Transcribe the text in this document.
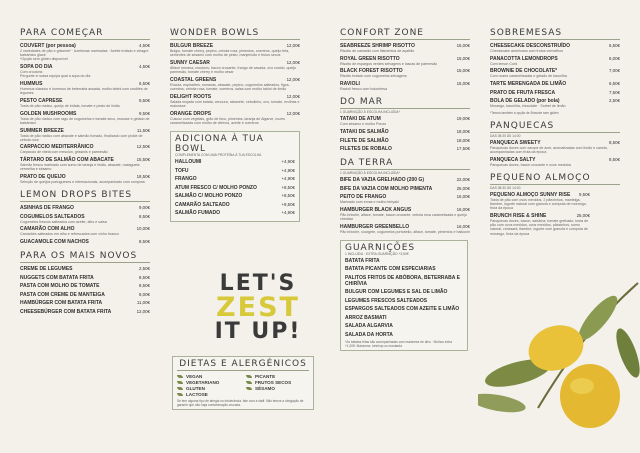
PARA COMEÇAR
COUVERT (por pessoa)	4,50€
2 variedades de pão e grissinis* · Azeitonas marinadas · Azeite trufado e vinagre balsâmico glacé
*Opção sem glúten disponível
SOPA DO DIA	4,50€
Com croutons
Pergunte à nossa equipa qual a sopa do dia
HUMMUS	6,50€
Hummus clássico e hummus de beterraba assada, molho tahini com crudités de legumes
PESTO CAPRESE	9,50€
Tosta de pão rústico, queijo de búfala, tomate e pesto de limão
GOLDEN MUSHROOMS	9,50€
Tosta de pão rústico com ragu de cogumelos e tomate seco, mousse e gelado de balsâmico
SUMMER BREEZE	11,50€
Tosta de pão rústico com abacate e salmão fumado, finalizado com pickle de cebola roxa
CARPACCIO MEDITERRÂNICO	12,50€
Carpaccio de vitela com mesclun, grissinis e parmesão
TÁRTARO DE SALMÃO COM ABACATE	15,50€
Salmão fresco marinado com sumo de laranja e limão, abacate, malagueta vermelha e sésamo
PRATO DE QUEIJO	18,50€
Seleção de queijos portugueses e internacionais, acompanhado com compota
LEMON DROPS BITES
ASINHAS DE FRANGO	9,00€
COGUMELOS SALTEADOS	8,50€
Cogumelos frescos salteados com azeite, alho e salsa
CAMARÃO COM ALHO	10,00€
Camarões salteados em alho e refrescados com vinho branco
GUACAMOLE COM NACHOS	8,50€
PARA OS MAIS NOVOS
CREME DE LEGUMES	2,50€
NUGGETS COM BATATA FRITA	8,50€
PASTA COM MOLHO DE TOMATE	8,50€
PASTA COM CREME DE MANTEIGA	8,00€
HAMBÚRGER COM BATATA FRITA	11,00€
CHEESEBÚRGER COM BATATA FRITA	12,00€
WONDER BOWLS
BULGUR BREEZE	12,00€
Bulgur, tomate cherry, pepino, cebola roxa, pimentos, coentros, queijo feta, sementes de sésamo com molho de pesto, manjericão e frutos secos
SUNNY CAESAR	12,00€
Alface romana, croutons, bacon crocante, frango de cavada, ovo cozido, queijo parmesão, tomate cherry e molho césar
COASTAL GREENS	12,00€
Rúcula, espinafres, romanas, abacate, pepino, cogumelos salteados, figos, coentros, cebola roxa, tomate, coentros, salsa com molho tahini de limão
DELIGHT ROOTS	12,00€
Salada mojada com batata, cenoura, rabanete, cebolinho, ovo, tomate, ervilhas e maionese
ORANGE DROPS	12,00€
Cuscuz com vegetais, grão de bico, pimentos, laranja de Algarve, nozes caramelizadas com molho de citrinos, azeite e coentros
ADICIONA À TUA BOWL
COMPLEMENTA COM UMA PROTEÍNA À TUA ESCOLHA
HALLOUMI	+4,90€
TOFU	+4,90€
FRANGO	+4,90€
ATUM FRESCO C/ MOLHO PONZO	+8,50€
SALMÃO C/ MOLHO PONZO	+8,50€
CAMARÃO SALTEADO	+9,50€
SALMÃO FUMADO	+4,90€
LET'S
ZEST
IT UP!
DIETAS E ALERGÉNICOS
VEGAN	PICANTE
VEGETARIANO	FRUTOS SECOS
GLUTEN	SÉSAMO
LACTOSE
Se tem alguma tipo de alergia ou intolerância, fale com a staff. Não temos a obrigação de garantir que não haja contaminação cruzada.
CONFORT ZONE
SEABREEZE SHRIMP RISOTTO	15,00€
Risotto de camarão com filamentos de açafrão
ROYAL GREEN RISOTTO	15,00€
Risotto de espargos verdes selvagens e lascas de parmesão
BLACK FOREST RISOTTO	15,00€
Risotto trufado com cogumelos selvagens
RAVIOLI	15,00€
Ravioli fresco com bolonhesa
DO MAR
1 GUARNIÇÃO À ESCOLHA INCLUÍDA*
TATAKI DE ATUM	19,00€
Com sésamo e molho Ponzo
TATAKI DE SALMÃO	18,00€
FILETE DE SALMÃO	18,00€
FILETES DE ROBALO	17,50€
DA TERRA
1 GUARNIÇÃO À ESCOLHA INCLUÍDA*
BIFE DA VAZIA GRELHADO (200 G)	22,00€
BIFE DA VAZIA COM MOLHO PIMENTA	25,00€
PEITO DE FRANGO	16,00€
Marinado com ervas e molho teriyaki
HAMBURGER BLACK ANGUS	16,00€
Pão brioche, alface, tomate, bacon crocante, cebola roxa caramelizada e queijo cheddar
HAMBURGER GREENBELLO	16,00€
Pão brioche, courgete, cogumelos portobello, alface, tomate, pimentos e halloumi
GUARNIÇÕES
1 INCLUÍDA - EXTRA GUARNIÇÃO +3,50€
BATATA FRITA
BATATA PICANTE COM ESPECIARIAS
PALITOS FRITOS DE ABÓBORA, BETERRABA E CHIRÍVIA
BULGUR COM LEGUMES E SAL DE LIMÃO
LEGUMES FRESCOS SALTEADOS
ESPARGOS SALTEADOS COM AZEITE E LIMÃO
ARROZ BASMATI
SALADA ALGARVIA
SALADA DA HORTA
*As batatas fritas são acompanhadas com maionese de alho · Molhos extra +1,00€: Maionese, ketchup ou mostarda
SOBREMESAS
CHEESECAKE DESCONSTRUÍDO	6,50€
Cheesecake americano com frutos vermelhos
PANACOTTA LEMONDROPS	6,00€
Com lemon Curd
BROWNIE DE CHOCOLATE*	7,00€
Com nozes caramelizadas e gelado de baunilha
TARTE MERENGADA DE LIMÃO	6,50€
PRATO DE FRUTA FRESCA	7,50€
BOLA DE GELADO (por bola)	2,50€
Morango, baunilha, chocolate · Sorbet de limão
*Temos também a opção de Brownie sem glúten
PANQUECAS
DAS 08:30 ÀS 14:00
PANQUECA SWEETY	8,50€
Panquecas doces com xarope de ácer, aromatizadas com limão e canela, acompanhadas com fruta da época
PANQUECA SALTY	8,50€
Panquecas doces, bacon crocante e ovos mexidos
PEQUENO ALMOÇO
DAS 08:30 ÀS 14:00
PEQUENO ALMOÇO SUNNY RISE 9,50€
Tosta de pão com ovos mexidos, 2 pãezinhos, manteiga, fiambre, iogurte natural com granola e compota de morango, fruta da época
BRUNCH RISE & SHINE	25,00€
Panquecas doces, bacon, salsicha, tomate grelhado, tosta de pão com ovos mexidos, ovos mexidos, pãezinhos, sumo natural, croissant, fiambre, iogurte com granola e compota de morango, fruta da época
